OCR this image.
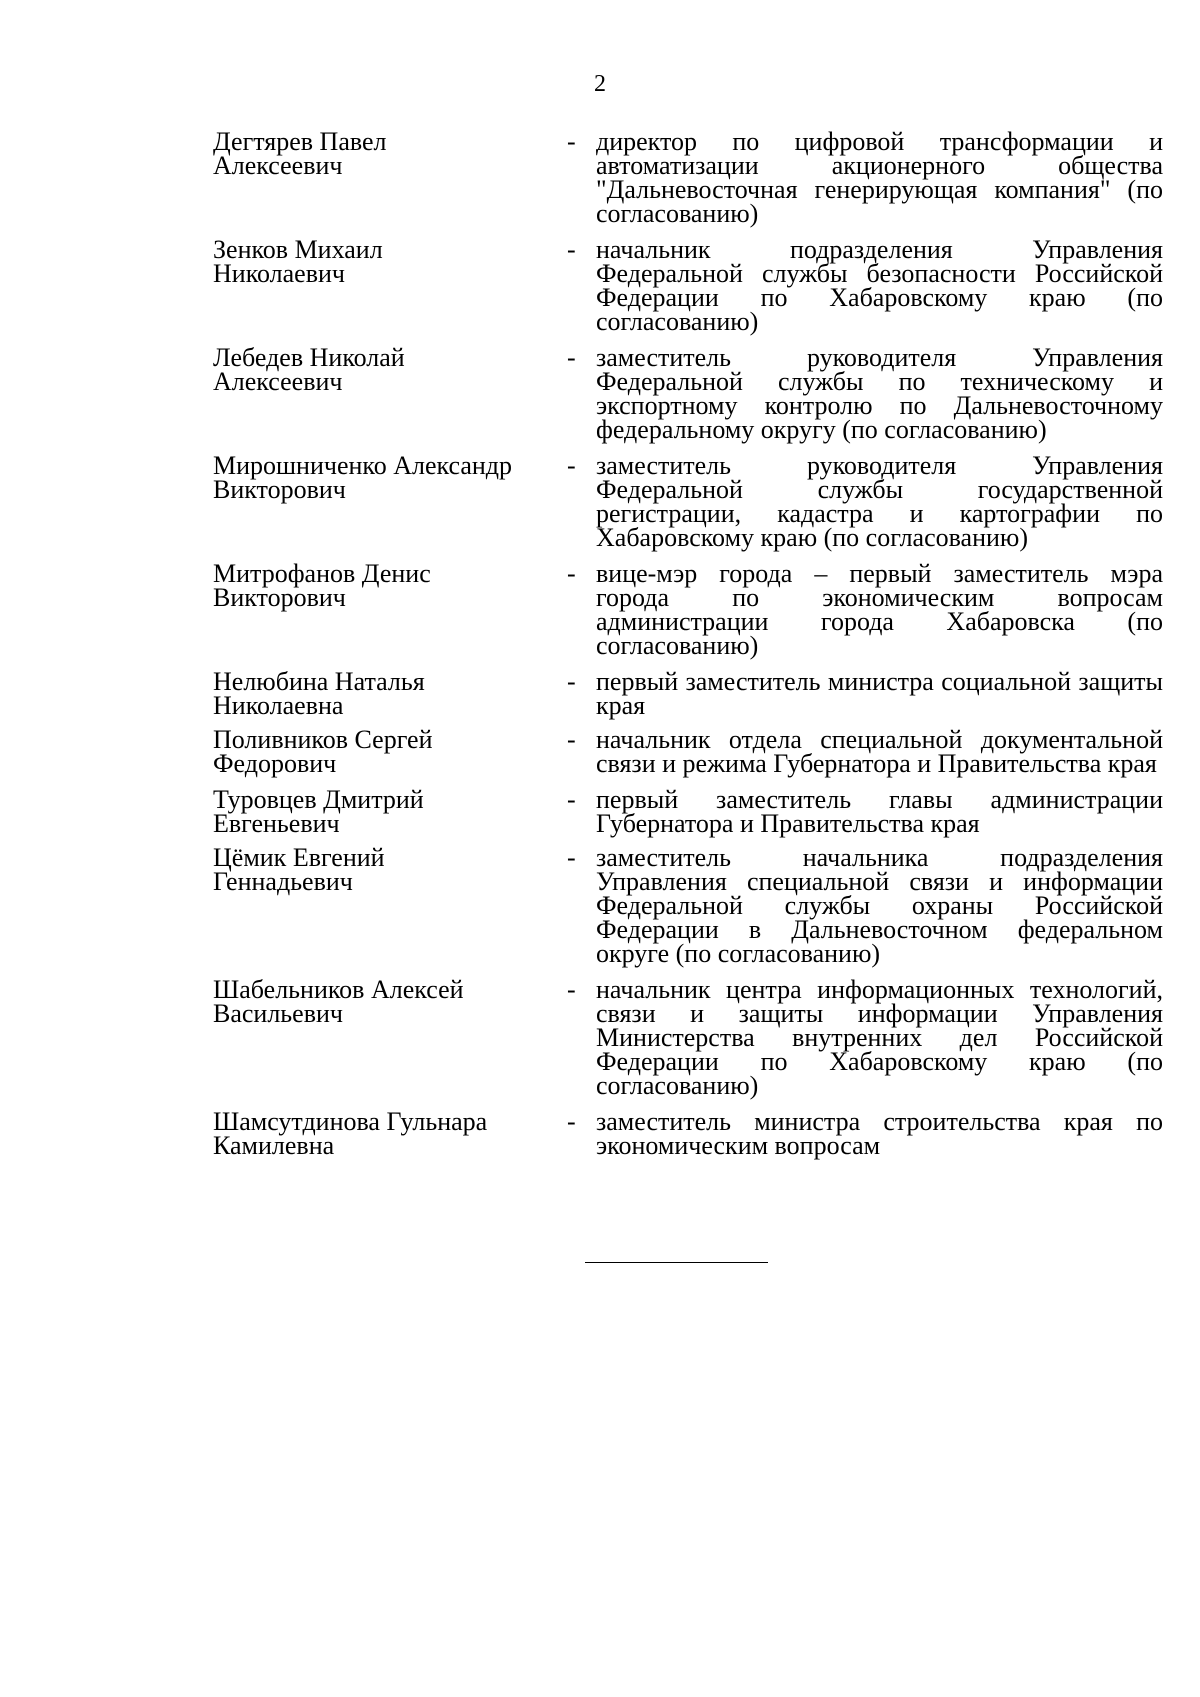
2
Дегтярев Павел
Алексеевич
- директор по цифровой трансформации и автоматизации акционерного общества "Дальневосточная генерирующая компания" (по согласованию)
Зенков Михаил
Николаевич
- начальник подразделения Управления Федеральной службы безопасности Российской Федерации по Хабаровскому краю (по согласованию)
Лебедев Николай
Алексеевич
- заместитель руководителя Управления Федеральной службы по техническому и экспортному контролю по Дальневосточному федеральному округу (по согласованию)
Мирошниченко Александр
Викторович
- заместитель руководителя Управления Федеральной службы государственной регистрации, кадастра и картографии по Хабаровскому краю (по согласованию)
Митрофанов Денис
Викторович
- вице-мэр города – первый заместитель мэра города по экономическим вопросам администрации города Хабаровска (по согласованию)
Нелюбина Наталья
Николаевна
- первый заместитель министра социальной защиты края
Поливников Сергей
Федорович
- начальник отдела специальной документальной связи и режима Губернатора и Правительства края
Туровцев Дмитрий
Евгеньевич
- первый заместитель главы администрации Губернатора и Правительства края
Цёмик Евгений
Геннадьевич
- заместитель начальника подразделения Управления специальной связи и информации Федеральной службы охраны Российской Федерации в Дальневосточном федеральном округе (по согласованию)
Шабельников Алексей
Васильевич
- начальник центра информационных технологий, связи и защиты информации Управления Министерства внутренних дел Российской Федерации по Хабаровскому краю (по согласованию)
Шамсутдинова Гульнара
Камилевна
- заместитель министра строительства края по экономическим вопросам
